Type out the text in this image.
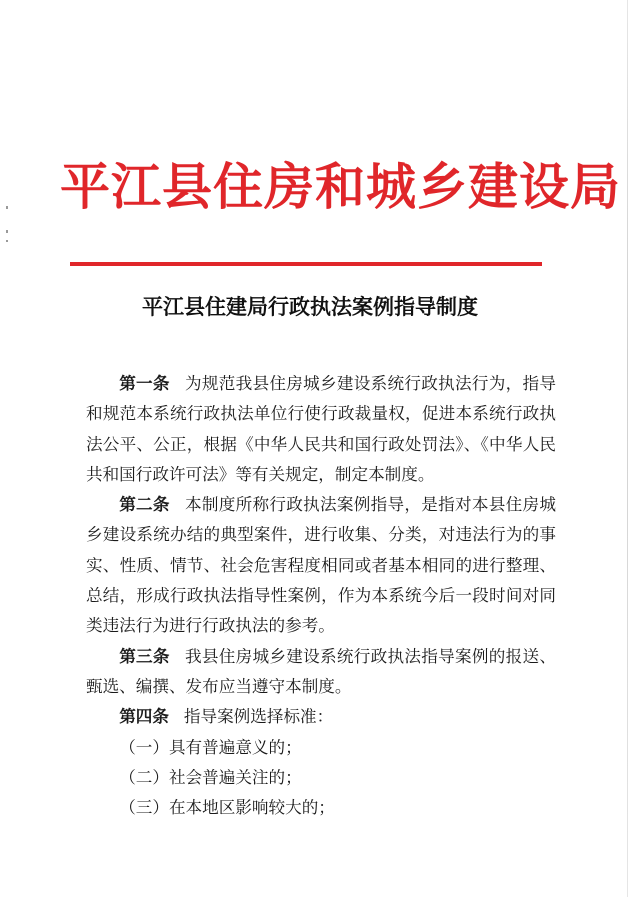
平江县住房和城乡建设局
平江县住建局行政执法案例指导制度

第一条 为规范我县住房城乡建设系统行政执法行为，指导和规范本系统行政执法单位行使行政裁量权，促进本系统行政执法公平、公正，根据《中华人民共和国行政处罚法》、《中华人民共和国行政许可法》等有关规定，制定本制度。

第二条 本制度所称行政执法案例指导，是指对本县住房城乡建设系统办结的典型案件，进行收集、分类，对违法行为的事实、性质、情节、社会危害程度相同或者基本相同的进行整理、总结，形成行政执法指导性案例，作为本系统今后一段时间对同类违法行为进行行政执法的参考。

第三条 我县住房城乡建设系统行政执法指导案例的报送、甄选、编撰、发布应当遵守本制度。

第四条 指导案例选择标准：

（一）具有普遍意义的；

（二）社会普遍关注的；

（三）在本地区影响较大的；
